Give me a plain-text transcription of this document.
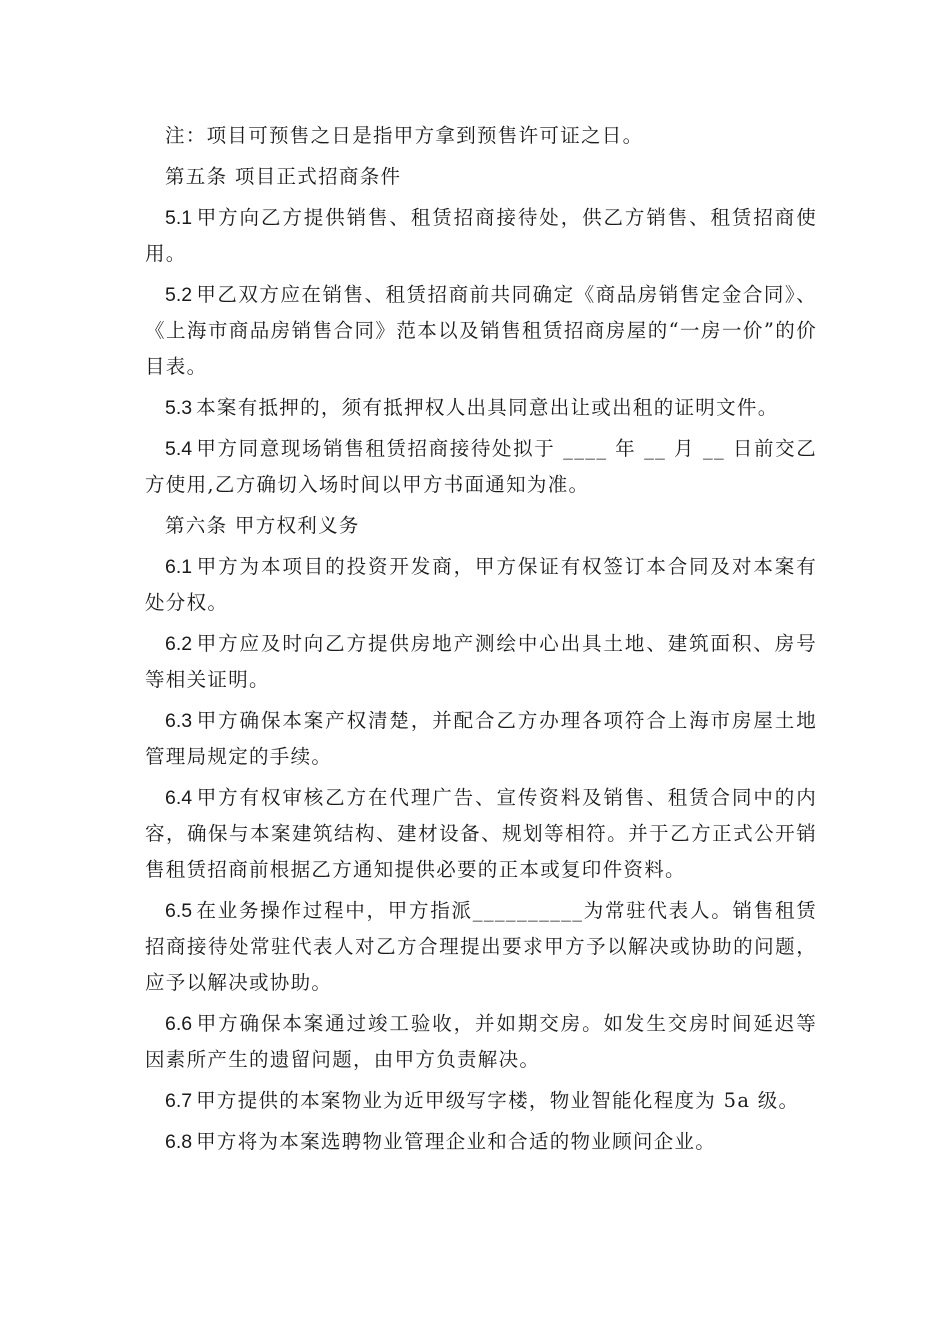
注：项目可预售之日是指甲方拿到预售许可证之日。

第五条 项目正式招商条件

5.1 甲方向乙方提供销售、租赁招商接待处，供乙方销售、租赁招商使用。

5.2 甲乙双方应在销售、租赁招商前共同确定《商品房销售定金合同》、《上海市商品房销售合同》范本以及销售租赁招商房屋的“一房一价”的价目表。

5.3 本案有抵押的，须有抵押权人出具同意出让或出租的证明文件。

5.4 甲方同意现场销售租赁招商接待处拟于 ____ 年 __ 月 __ 日前交乙方使用,乙方确切入场时间以甲方书面通知为准。

第六条 甲方权利义务

6.1 甲方为本项目的投资开发商，甲方保证有权签订本合同及对本案有处分权。

6.2 甲方应及时向乙方提供房地产测绘中心出具土地、建筑面积、房号等相关证明。

6.3 甲方确保本案产权清楚，并配合乙方办理各项符合上海市房屋土地管理局规定的手续。

6.4 甲方有权审核乙方在代理广告、宣传资料及销售、租赁合同中的内容，确保与本案建筑结构、建材设备、规划等相符。并于乙方正式公开销售租赁招商前根据乙方通知提供必要的正本或复印件资料。

6.5 在业务操作过程中，甲方指派__________为常驻代表人。销售租赁招商接待处常驻代表人对乙方合理提出要求甲方予以解决或协助的问题，应予以解决或协助。

6.6 甲方确保本案通过竣工验收，并如期交房。如发生交房时间延迟等因素所产生的遗留问题，由甲方负责解决。

6.7 甲方提供的本案物业为近甲级写字楼，物业智能化程度为 5a 级。

6.8 甲方将为本案选聘物业管理企业和合适的物业顾问企业。
